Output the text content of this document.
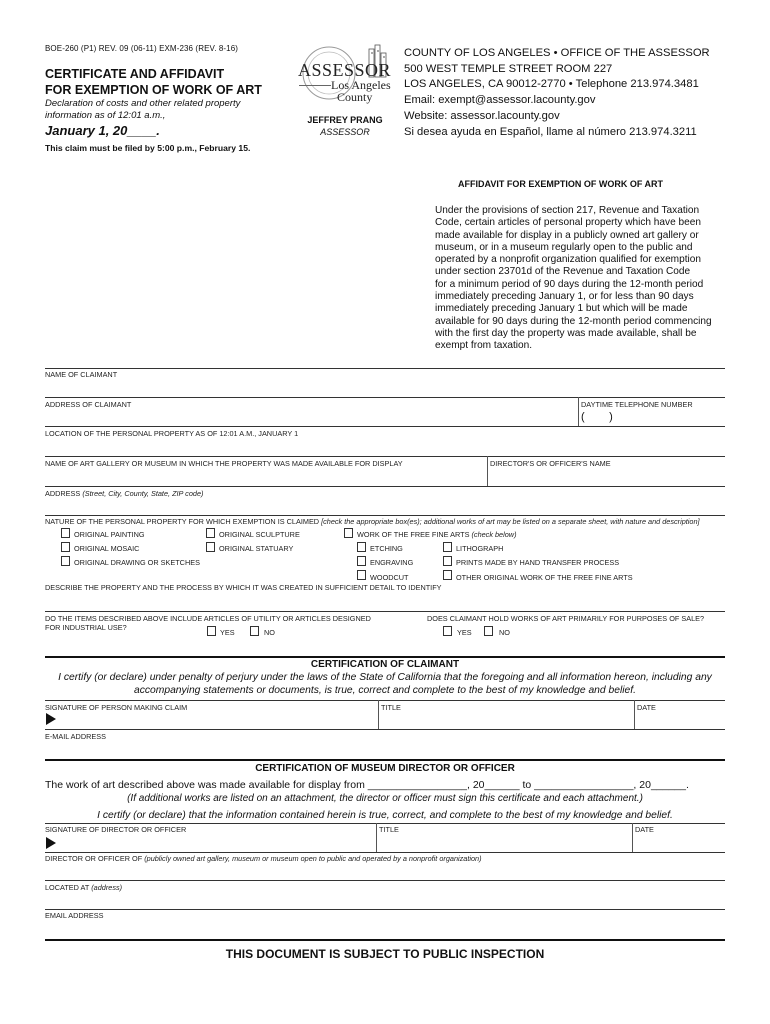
BOE-260 (P1) REV. 09 (06-11) EXM-236 (REV. 8-16)
CERTIFICATE AND AFFIDAVIT
FOR EXEMPTION OF WORK OF ART
Declaration of costs and other related property
information as of 12:01 a.m.,
January 1, 20____.
This claim must be filed by 5:00 p.m., February 15.
ASSESSOR
Los Angeles
County
JEFFREY PRANG
ASSESSOR
COUNTY OF LOS ANGELES • OFFICE OF THE ASSESSOR
500 WEST TEMPLE STREET ROOM 227
LOS ANGELES, CA 90012-2770 • Telephone 213.974.3481
Email: exempt@assessor.lacounty.gov
Website: assessor.lacounty.gov
Si desea ayuda en Español, llame al número 213.974.3211
AFFIDAVIT FOR EXEMPTION OF WORK OF ART
Under the provisions of section 217, Revenue and Taxation
Code, certain articles of personal property which have been
made available for display in a publicly owned art gallery or
museum, or in a museum regularly open to the public and
operated by a nonprofit organization qualified for exemption
under section 23701d of the Revenue and Taxation Code
for a minimum period of 90 days during the 12-month period
immediately preceding January 1, or for less than 90 days
immediately preceding January 1 but which will be made
available for 90 days during the 12-month period commencing
with the first day the property was made available, shall be
exempt from taxation.
NAME OF CLAIMANT
ADDRESS OF CLAIMANT	DAYTIME TELEPHONE NUMBER
(        )
LOCATION OF THE PERSONAL PROPERTY AS OF 12:01 A.M., JANUARY 1
NAME OF ART GALLERY OR MUSEUM IN WHICH THE PROPERTY WAS MADE AVAILABLE FOR DISPLAY	DIRECTOR'S OR OFFICER'S NAME
ADDRESS (Street, City, County, State, ZIP code)
NATURE OF THE PERSONAL PROPERTY FOR WHICH EXEMPTION IS CLAIMED [check the appropriate box(es); additional works of art may be listed on a separate sheet, with nature and description]
ORIGINAL PAINTING
ORIGINAL MOSAIC
ORIGINAL DRAWING OR SKETCHES
ORIGINAL SCULPTURE
ORIGINAL STATUARY
WORK OF THE FREE FINE ARTS (check below)
ETCHING
ENGRAVING
WOODCUT
LITHOGRAPH
PRINTS MADE BY HAND TRANSFER PROCESS
OTHER ORIGINAL WORK OF THE FREE FINE ARTS
DESCRIBE THE PROPERTY AND THE PROCESS BY WHICH IT WAS CREATED IN SUFFICIENT DETAIL TO IDENTIFY
DO THE ITEMS DESCRIBED ABOVE INCLUDE ARTICLES OF UTILITY OR ARTICLES DESIGNED
FOR INDUSTRIAL USE?
YES	NO
DOES CLAIMANT HOLD WORKS OF ART PRIMARILY FOR PURPOSES OF SALE?
YES	NO
CERTIFICATION OF CLAIMANT
I certify (or declare) under penalty of perjury under the laws of the State of California that the foregoing and all information hereon, including any
accompanying statements or documents, is true, correct and complete to the best of my knowledge and belief.
SIGNATURE OF PERSON MAKING CLAIM	TITLE	DATE
E-MAIL ADDRESS
CERTIFICATION OF MUSEUM DIRECTOR OR OFFICER
The work of art described above was made available for display from _________________, 20______ to _________________, 20______.
(If additional works are listed on an attachment, the director or officer must sign this certificate and each attachment.)
I certify (or declare) that the information contained herein is true, correct, and complete to the best of my knowledge and belief.
SIGNATURE OF DIRECTOR OR OFFICER	TITLE	DATE
DIRECTOR OR OFFICER OF (publicly owned art gallery, museum or museum open to public and operated by a nonprofit organization)
LOCATED AT (address)
EMAIL ADDRESS
THIS DOCUMENT IS SUBJECT TO PUBLIC INSPECTION
